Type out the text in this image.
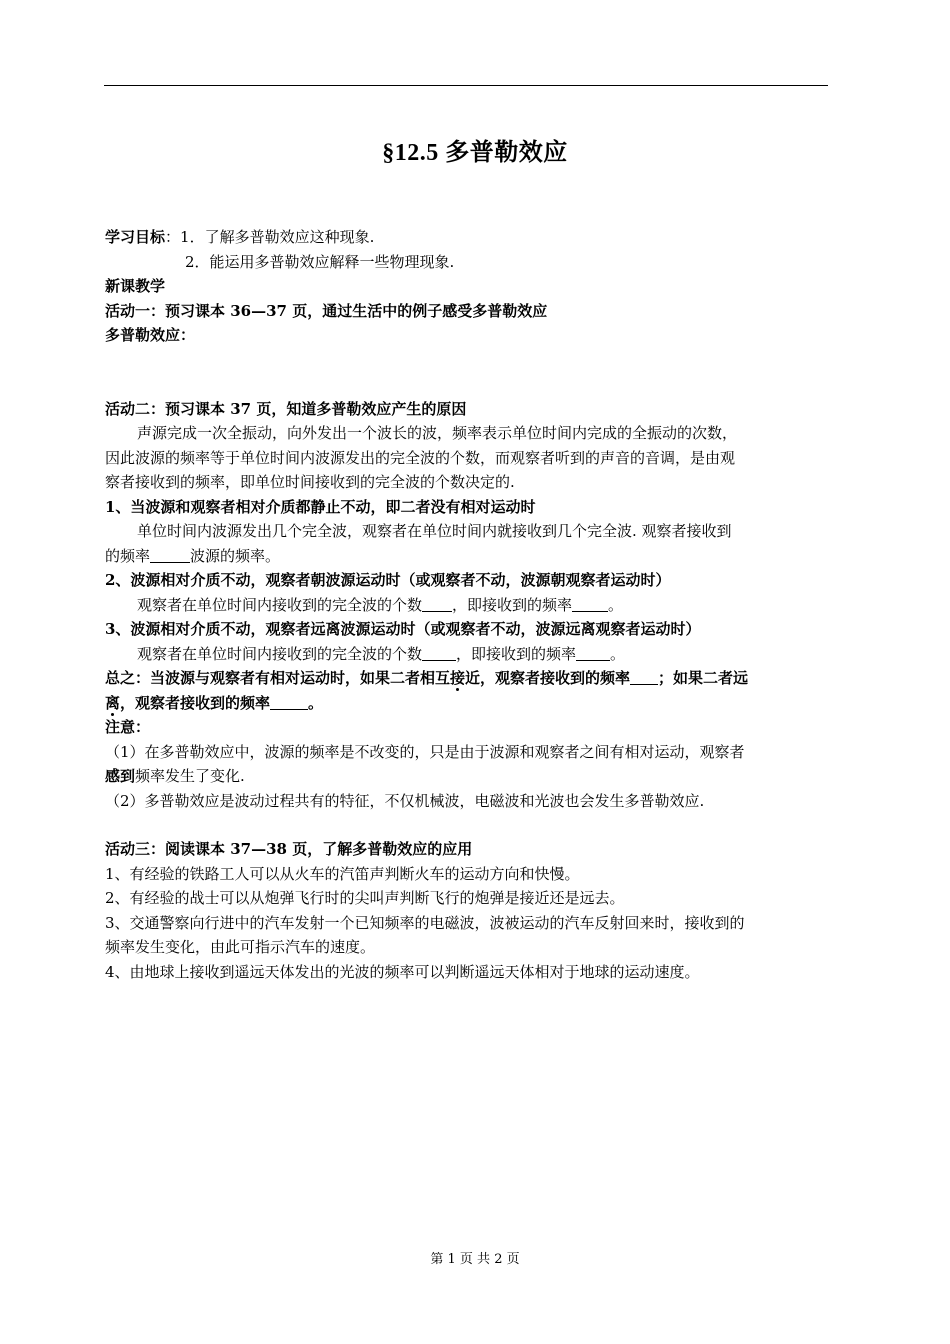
§12.5 多普勒效应
学习目标：1．了解多普勒效应这种现象.
2．能运用多普勒效应解释一些物理现象.
新课教学
活动一：预习课本 36—37 页，通过生活中的例子感受多普勒效应
多普勒效应：
活动二：预习课本 37 页，知道多普勒效应产生的原因
声源完成一次全振动，向外发出一个波长的波，频率表示单位时间内完成的全振动的次数，
因此波源的频率等于单位时间内波源发出的完全波的个数，而观察者听到的声音的音调，是由观
察者接收到的频率，即单位时间接收到的完全波的个数决定的.
1、当波源和观察者相对介质都静止不动，即二者没有相对运动时
单位时间内波源发出几个完全波，观察者在单位时间内就接收到几个完全波. 观察者接收到
的频率	波源的频率。
2、波源相对介质不动，观察者朝波源运动时（或观察者不动，波源朝观察者运动时）
观察者在单位时间内接收到的完全波的个数 ，即接收到的频率 。
3、波源相对介质不动，观察者远离波源运动时（或观察者不动，波源远离观察者运动时）
观察者在单位时间内接收到的完全波的个数 ，即接收到的频率 。
总之：当波源与观察者有相对运动时，如果二者相互接近，观察者接收到的频率 ；如果二者远
离，观察者接收到的频率	。
注意：
（1）在多普勒效应中，波源的频率是不改变的，只是由于波源和观察者之间有相对运动，观察者
感到频率发生了变化.
（2）多普勒效应是波动过程共有的特征，不仅机械波，电磁波和光波也会发生多普勒效应.
活动三：阅读课本 37—38 页，了解多普勒效应的应用
1、有经验的铁路工人可以从火车的汽笛声判断火车的运动方向和快慢。
2、有经验的战士可以从炮弹飞行时的尖叫声判断飞行的炮弹是接近还是远去。
3、交通警察向行进中的汽车发射一个已知频率的电磁波，波被运动的汽车反射回来时，接收到的
频率发生变化，由此可指示汽车的速度。
4、由地球上接收到遥远天体发出的光波的频率可以判断遥远天体相对于地球的运动速度。
第 1 页 共 2 页
